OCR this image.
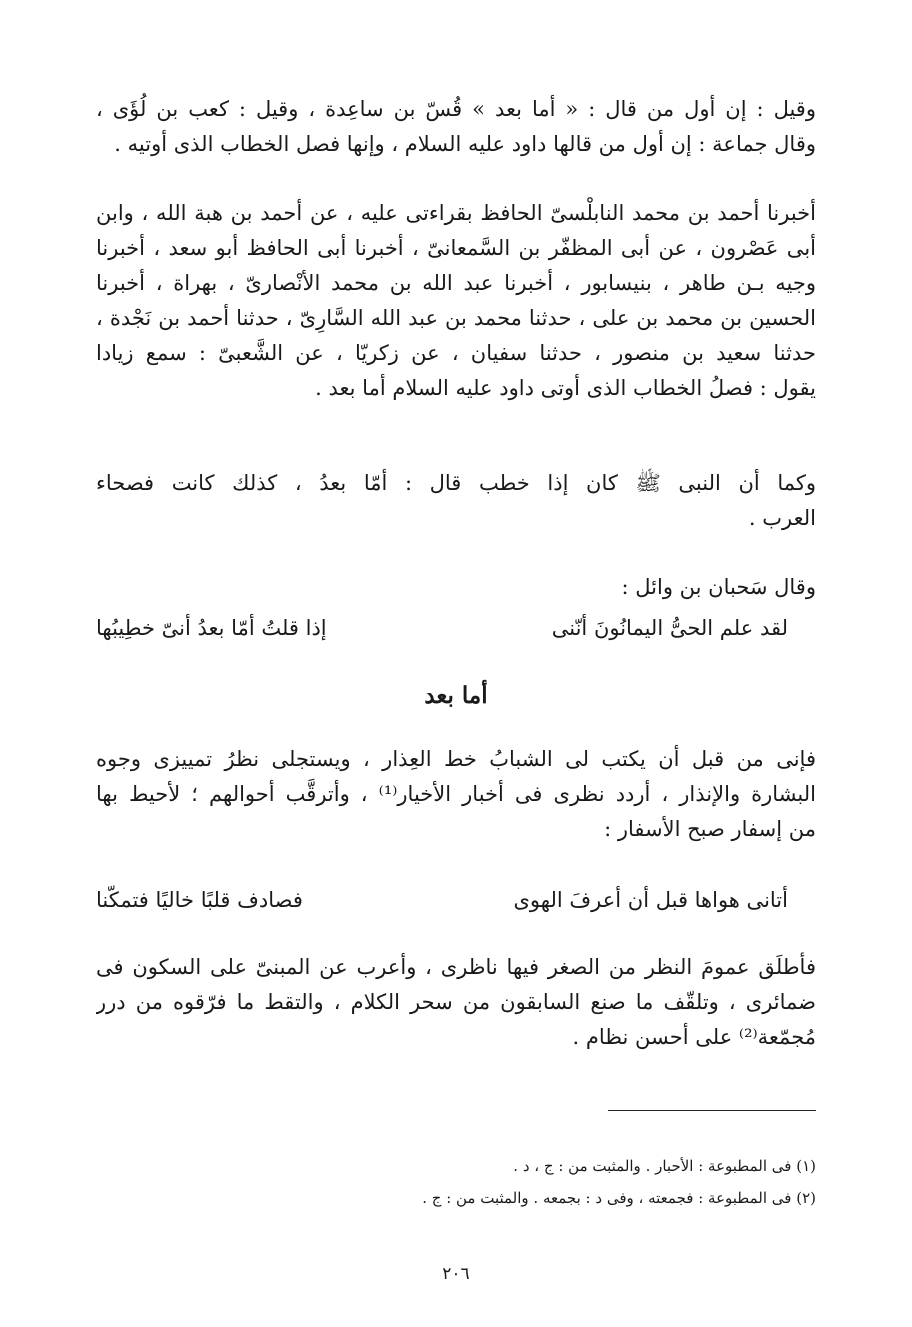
وقيل : إن أول من قال : « أما بعد » قُسّ بن ساعِدة ، وقيل : كعب بن لُؤَى ،
وقال جماعة : إن أول من قالها داود عليه السلام ، وإنها فصل الخطاب الذى أوتيه .
أخبرنا أحمد بن محمد النابلْسىّ الحافظ بقراءتى عليه ، عن أحمد بن هبة الله ، وابن
أبى عَصْرون ، عن أبى المظفّر بن السَّمعانىّ ، أخبرنا أبى الحافظ أبو سعد ، أخبرنا
وجيه بـن طاهر ، بنيسابور ، أخبرنا عبد الله بن محمد الأنْصارىّ ، بهراة ، أخبرنا
الحسين بن محمد بن على ، حدثنا محمد بن عبد الله السَّارِىّ ، حدثنا أحمد بن نَجْدة ،
حدثنا سعيد بن منصور ، حدثنا سفيان ، عن زكريّا ، عن الشَّعبىّ : سمع زيادا
يقول : فصلُ الخطاب الذى أوتى داود عليه السلام أما بعد .
وكما أن النبى ﷺ كان إذا خطب قال : أمّا بعدُ ، كذلك كانت فصحاء
العرب .
وقال سَحبان بن وائل :
لقد علم الحىُّ اليمانُونَ أنّنى
إذا قلتُ أمّا بعدُ أنىّ خطِيبُها
أما بعد
فإنى من قبل أن يكتب لى الشبابُ خط العِذار ، ويستجلى نظرُ تمييزى وجوه
البشارة والإنذار ، أردد نظرى فى أخبار الأخيار⁽¹⁾ ، وأترقَّب أحوالهم ؛ لأحيط بها
من إسفار صبح الأسفار :
أتانى هواها قبل أن أعرفَ الهوى
فصادف قلبًا خاليًا فتمكّنا
فأطلَق عمومَ النظر من الصغر فيها ناظرى ، وأعرب عن المبنىّ على السكون فى
ضمائرى ، وتلقّف ما صنع السابقون من سحر الكلام ، والتقط ما فرّقوه من درر
مُجمّعة⁽²⁾ على أحسن نظام .
(١) فى المطبوعة : الأحبار . والمثبت من : ج ، د .
(٢) فى المطبوعة : فجمعته ، وفى د : بجمعه . والمثبت من : ج .
٢٠٦
